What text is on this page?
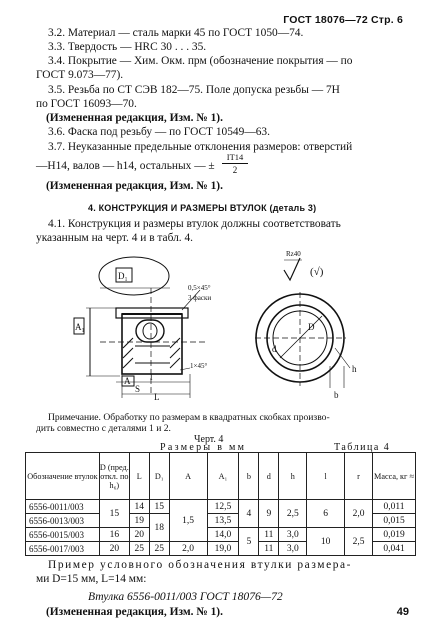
ГОСТ 18076—72 Стр. 6
3.2. Материал — сталь марки 45 по ГОСТ 1050—74.
3.3. Твердость — HRC 30 . . . 35.
3.4. Покрытие — Хим. Окм. прм (обозначение покрытия — по
ГОСТ 9.073—77).
3.5. Резьба по СТ СЭВ 182—75. Поле допуска резьбы — 7H
по ГОСТ 16093—70.
(Измененная редакция, Изм. № 1).
3.6. Фаска под резьбу — по ГОСТ 10549—63.
3.7. Неуказанные предельные отклонения размеров: отверстий
—H14, валов — h14, остальных — ±
IT14
2
(Измененная редакция, Изм. № 1).
4. КОНСТРУКЦИЯ И РАЗМЕРЫ ВТУЛОК (деталь 3)
4.1. Конструкция и размеры втулок должны соответствовать
указанным на черт. 4 и в табл. 4.
D₁
A₁
0,5×45°
3 фаски
1×45°
A
S
l
L
d
D
b
h
Rz40
(√)
Примечание. Обработку по размерам в квадратных скобках произво-
дить совместно с деталями 1 и 2.
Черт. 4
Размеры в мм	Таблица 4
Обозначение втулок	D (пред. откл. по h₆)	L	D₁	A	A₁	b	d	h	l	r	Масса, кг ≈
6556-0011/003	15	14	15	1,5	12,5	4	9	2,5	6	2,0	0,011
6556-0013/003		19	18		13,5						0,015
6556-0015/003	16	20			14,0	5	11	3,0	10	2,5	0,019
6556-0017/003	20	25	25	2,0	19,0		11	3,0			0,041
Пример условного обозначения втулки размера-
ми D=15 мм, L=14 мм:
Втулка 6556-0011/003 ГОСТ 18076—72
(Измененная редакция, Изм. № 1).	49
